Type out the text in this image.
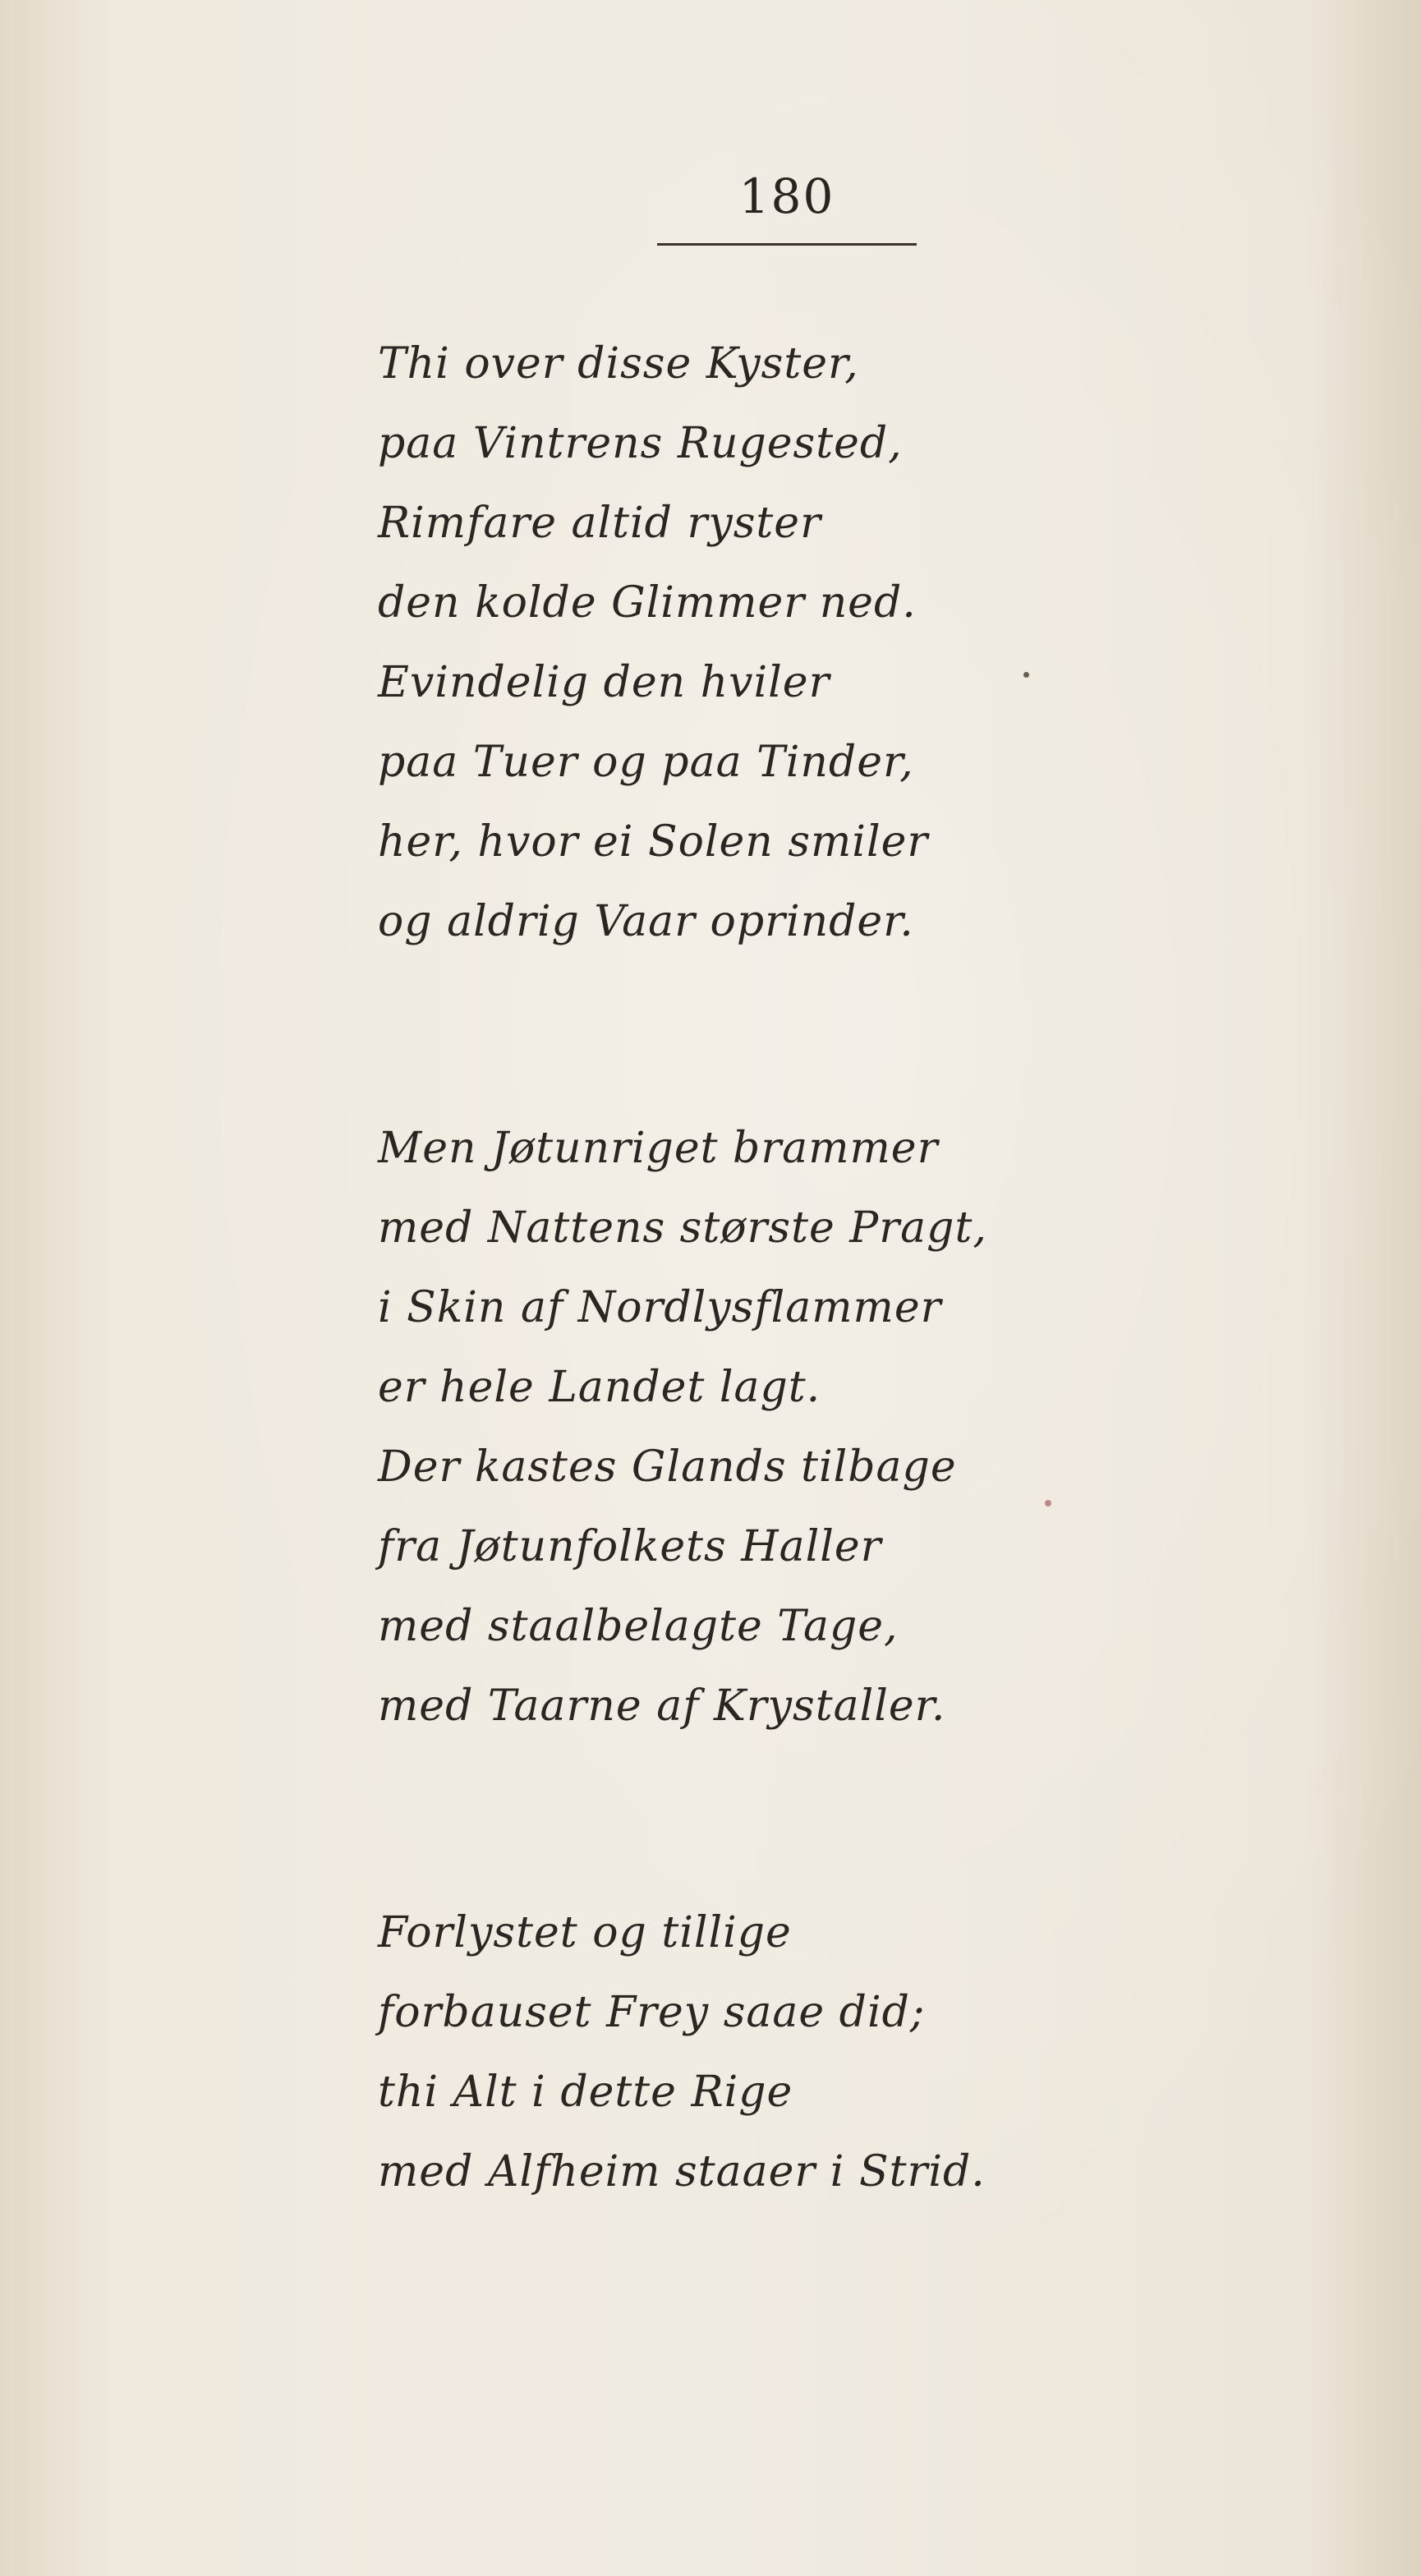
180
Thi over disse Kyster,
paa Vintrens Rugested,
Rimfare altid ryster
den kolde Glimmer ned.
Evindelig den hviler
paa Tuer og paa Tinder,
her, hvor ei Solen smiler
og aldrig Vaar oprinder.
Men Jøtunriget brammer
med Nattens største Pragt,
i Skin af Nordlysflammer
er hele Landet lagt.
Der kastes Glands tilbage
fra Jøtunfolkets Haller
med staalbelagte Tage,
med Taarne af Krystaller.
Forlystet og tillige
forbauset Frey saae did;
thi Alt i dette Rige
med Alfheim staaer i Strid.
